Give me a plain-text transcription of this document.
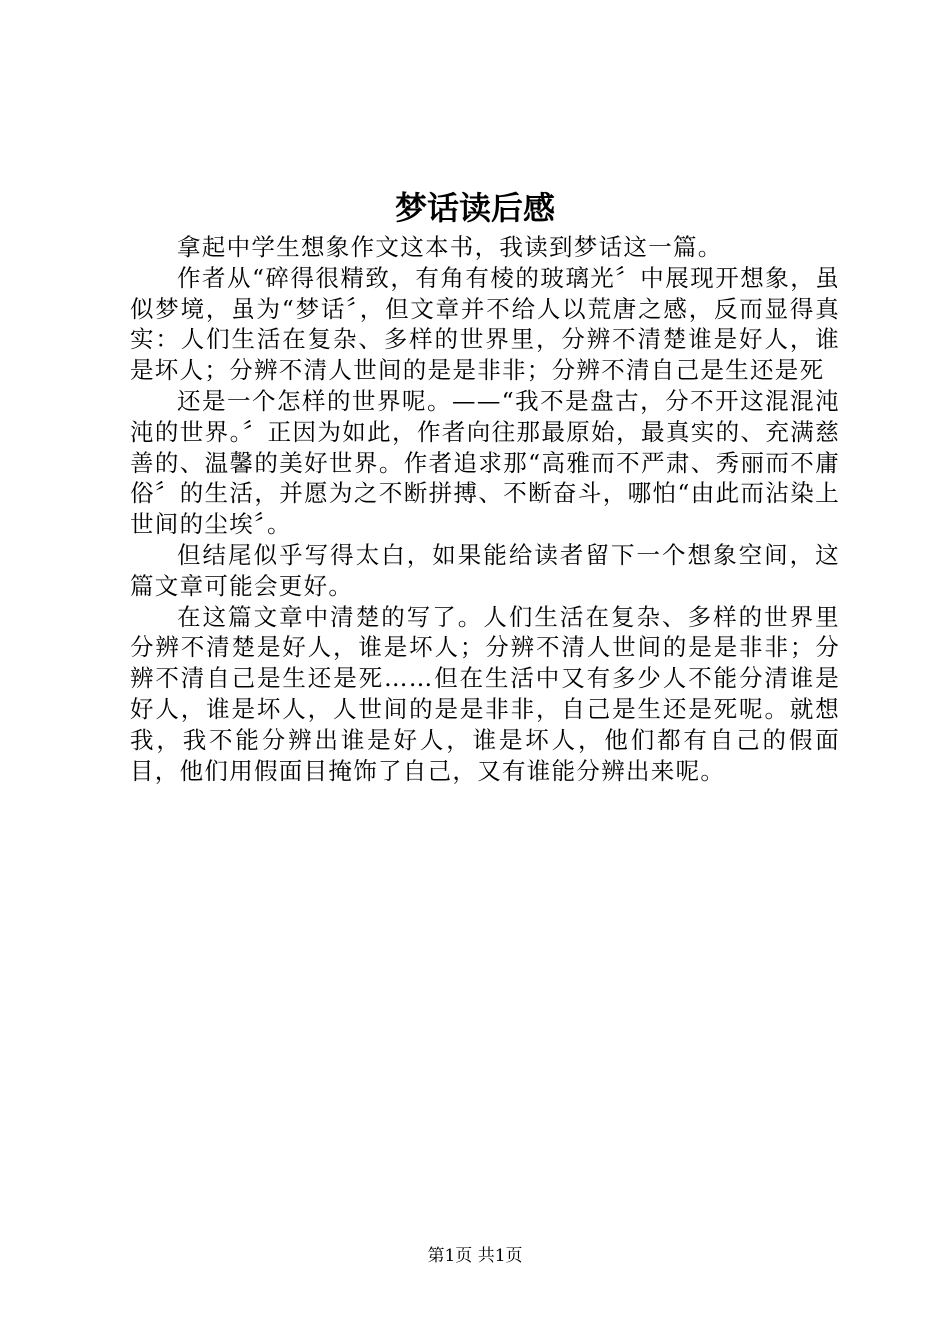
梦话读后感

拿起中学生想象作文这本书，我读到梦话这一篇。

作者从“碎得很精致，有角有棱的玻璃光〞中展现开想象，虽似梦境，虽为“梦话〞，但文章并不给人以荒唐之感，反而显得真实：人们生活在复杂、多样的世界里，分辨不清楚谁是好人，谁是坏人；分辨不清人世间的是是非非；分辨不清自己是生还是死

还是一个怎样的世界呢。——“我不是盘古，分不开这混混沌沌的世界。〞正因为如此，作者向往那最原始，最真实的、充满慈善的、温馨的美好世界。作者追求那“高雅而不严肃、秀丽而不庸俗〞的生活，并愿为之不断拼搏、不断奋斗，哪怕“由此而沾染上世间的尘埃〞。

但结尾似乎写得太白，如果能给读者留下一个想象空间，这篇文章可能会更好。

在这篇文章中清楚的写了。人们生活在复杂、多样的世界里分辨不清楚是好人，谁是坏人；分辨不清人世间的是是非非；分辨不清自己是生还是死……但在生活中又有多少人不能分清谁是好人，谁是坏人，人世间的是是非非，自己是生还是死呢。就想我，我不能分辨出谁是好人，谁是坏人，他们都有自己的假面目，他们用假面目掩饰了自己，又有谁能分辨出来呢。

第1页 共1页
